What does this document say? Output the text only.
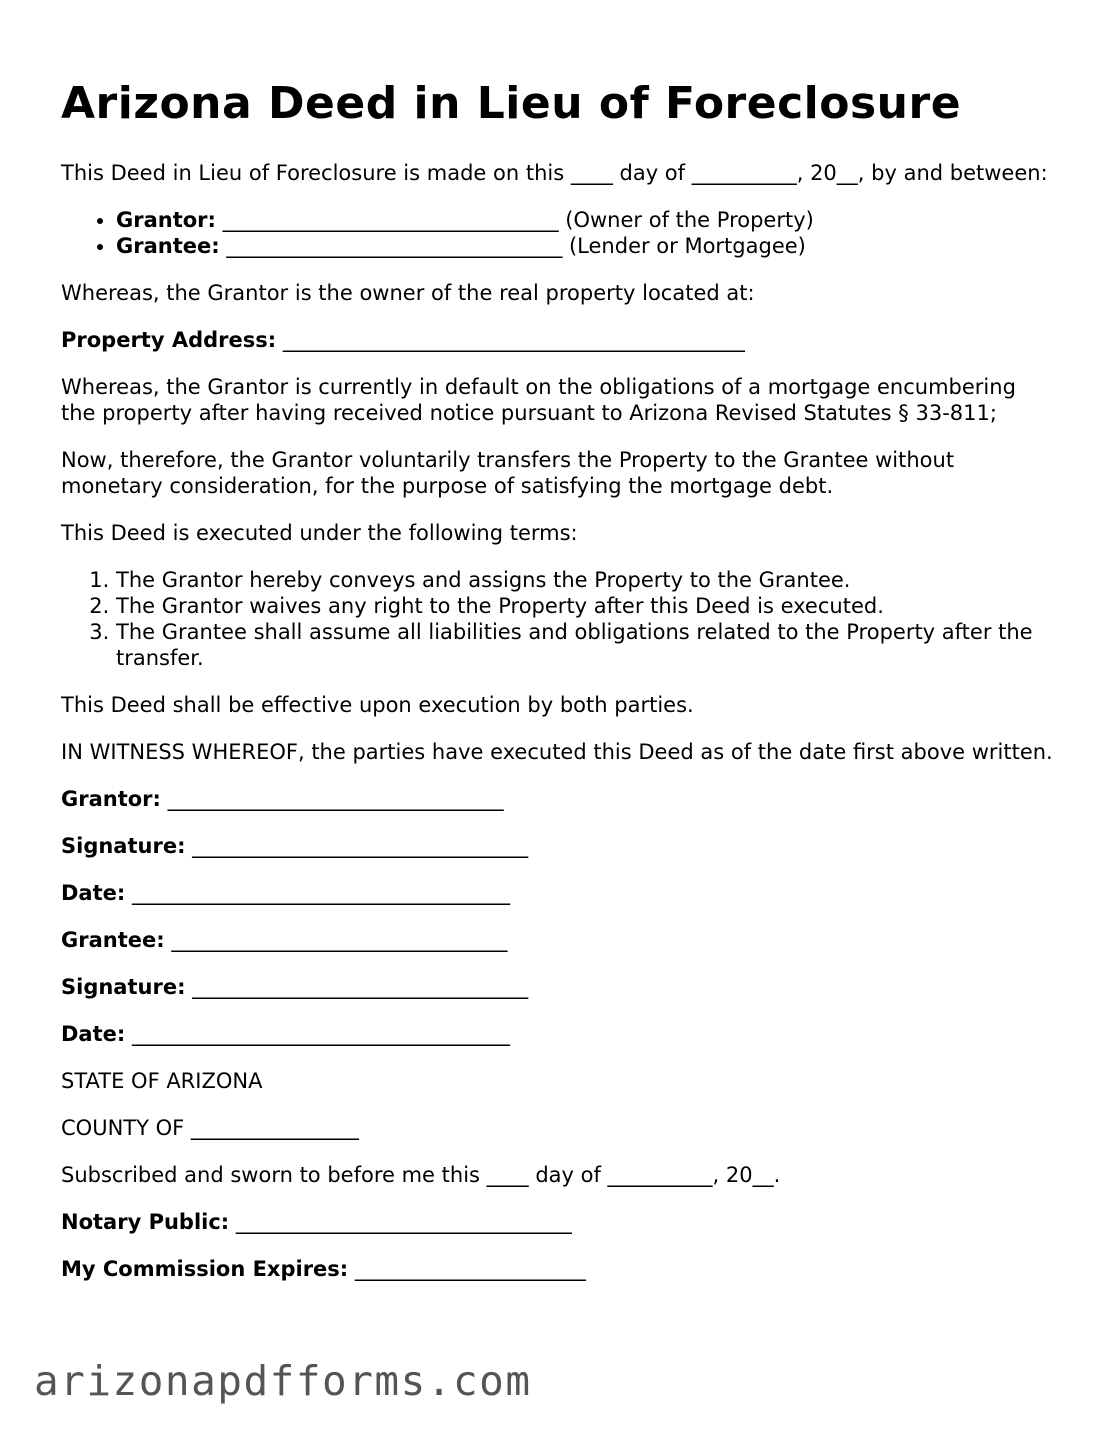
Arizona Deed in Lieu of Foreclosure

This Deed in Lieu of Foreclosure is made on this ____ day of __________, 20__, by and between:

• Grantor: ________________________________ (Owner of the Property)
• Grantee: ________________________________ (Lender or Mortgagee)

Whereas, the Grantor is the owner of the real property located at:

Property Address: ____________________________________________

Whereas, the Grantor is currently in default on the obligations of a mortgage encumbering the property after having received notice pursuant to Arizona Revised Statutes § 33-811;

Now, therefore, the Grantor voluntarily transfers the Property to the Grantee without monetary consideration, for the purpose of satisfying the mortgage debt.

This Deed is executed under the following terms:

1. The Grantor hereby conveys and assigns the Property to the Grantee.
2. The Grantor waives any right to the Property after this Deed is executed.
3. The Grantee shall assume all liabilities and obligations related to the Property after the transfer.

This Deed shall be effective upon execution by both parties.

IN WITNESS WHEREOF, the parties have executed this Deed as of the date first above written.

Grantor: ________________________________

Signature: ________________________________

Date: ____________________________________

Grantee: ________________________________

Signature: ________________________________

Date: ____________________________________

STATE OF ARIZONA

COUNTY OF ________________

Subscribed and sworn to before me this ____ day of __________, 20__.

Notary Public: ________________________________

My Commission Expires: ______________________

arizonapdfforms.com
